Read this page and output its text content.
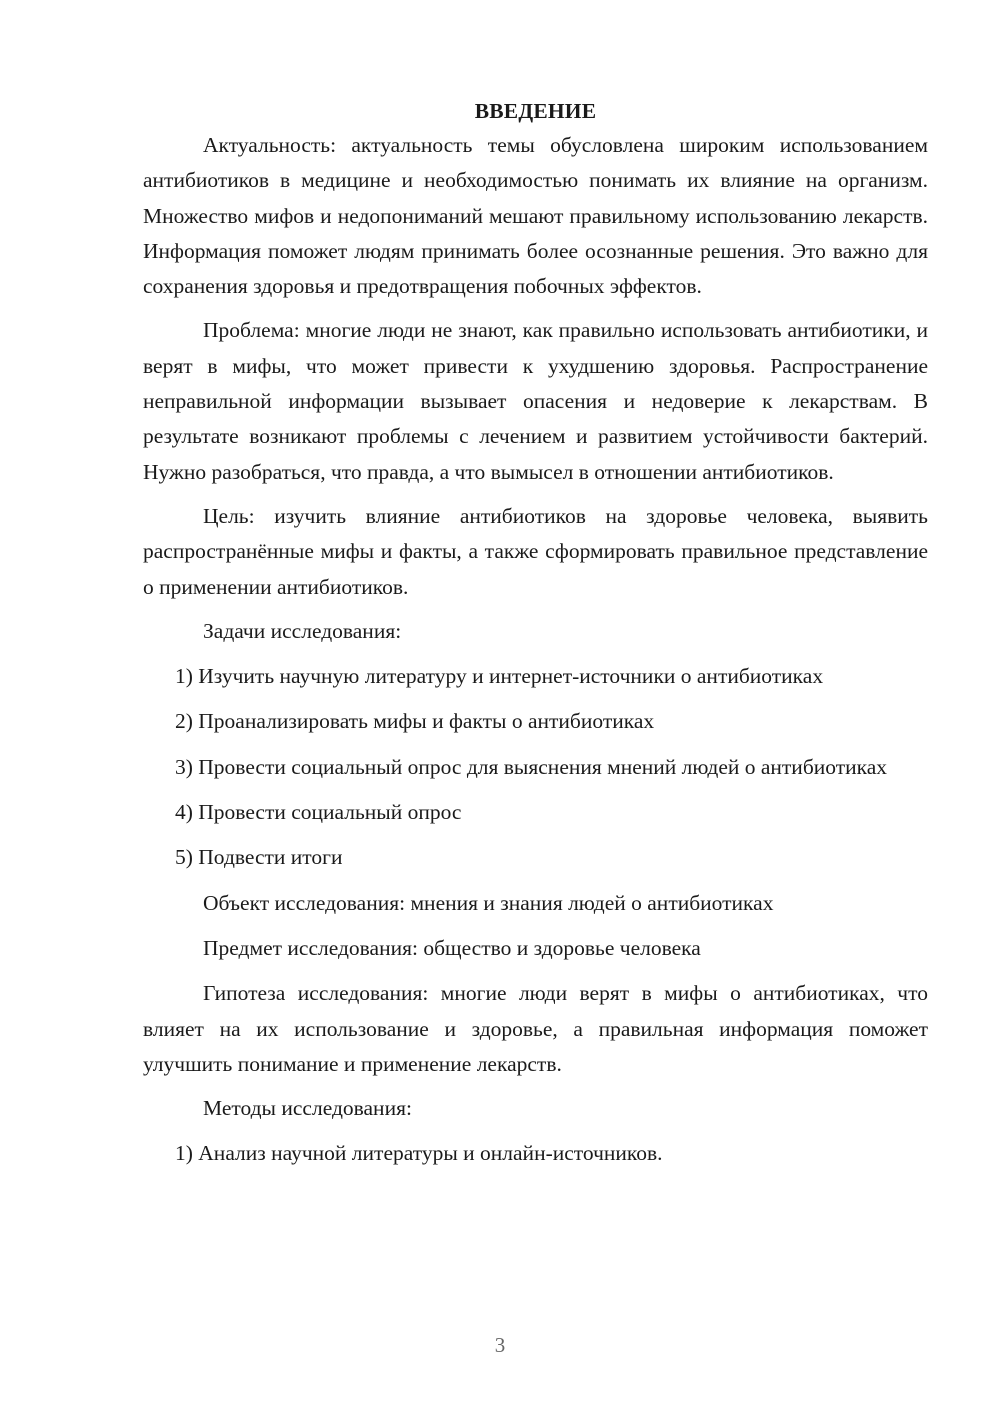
ВВЕДЕНИЕ

Актуальность: актуальность темы обусловлена широким использованием антибиотиков в медицине и необходимостью понимать их влияние на организм. Множество мифов и недопониманий мешают правильному использованию лекарств. Информация поможет людям принимать более осознанные решения. Это важно для сохранения здоровья и предотвращения побочных эффектов.

Проблема: многие люди не знают, как правильно использовать антибиотики, и верят в мифы, что может привести к ухудшению здоровья. Распространение неправильной информации вызывает опасения и недоверие к лекарствам. В результате возникают проблемы с лечением и развитием устойчивости бактерий. Нужно разобраться, что правда, а что вымысел в отношении антибиотиков.

Цель: изучить влияние антибиотиков на здоровье человека, выявить распространённые мифы и факты, а также сформировать правильное представление о применении антибиотиков.

Задачи исследования:
1) Изучить научную литературу и интернет-источники о антибиотиках
2) Проанализировать мифы и факты о антибиотиках

3) Провести социальный опрос для выяснения мнений людей о антибиотиках

4) Провести социальный опрос
5) Подвести итоги
Объект исследования: мнения и знания людей о антибиотиках
Предмет исследования: общество и здоровье человека

Гипотеза исследования: многие люди верят в мифы о антибиотиках, что влияет на их использование и здоровье, а правильная информация поможет улучшить понимание и применение лекарств.

Методы исследования:
1) Анализ научной литературы и онлайн-источников.
3
